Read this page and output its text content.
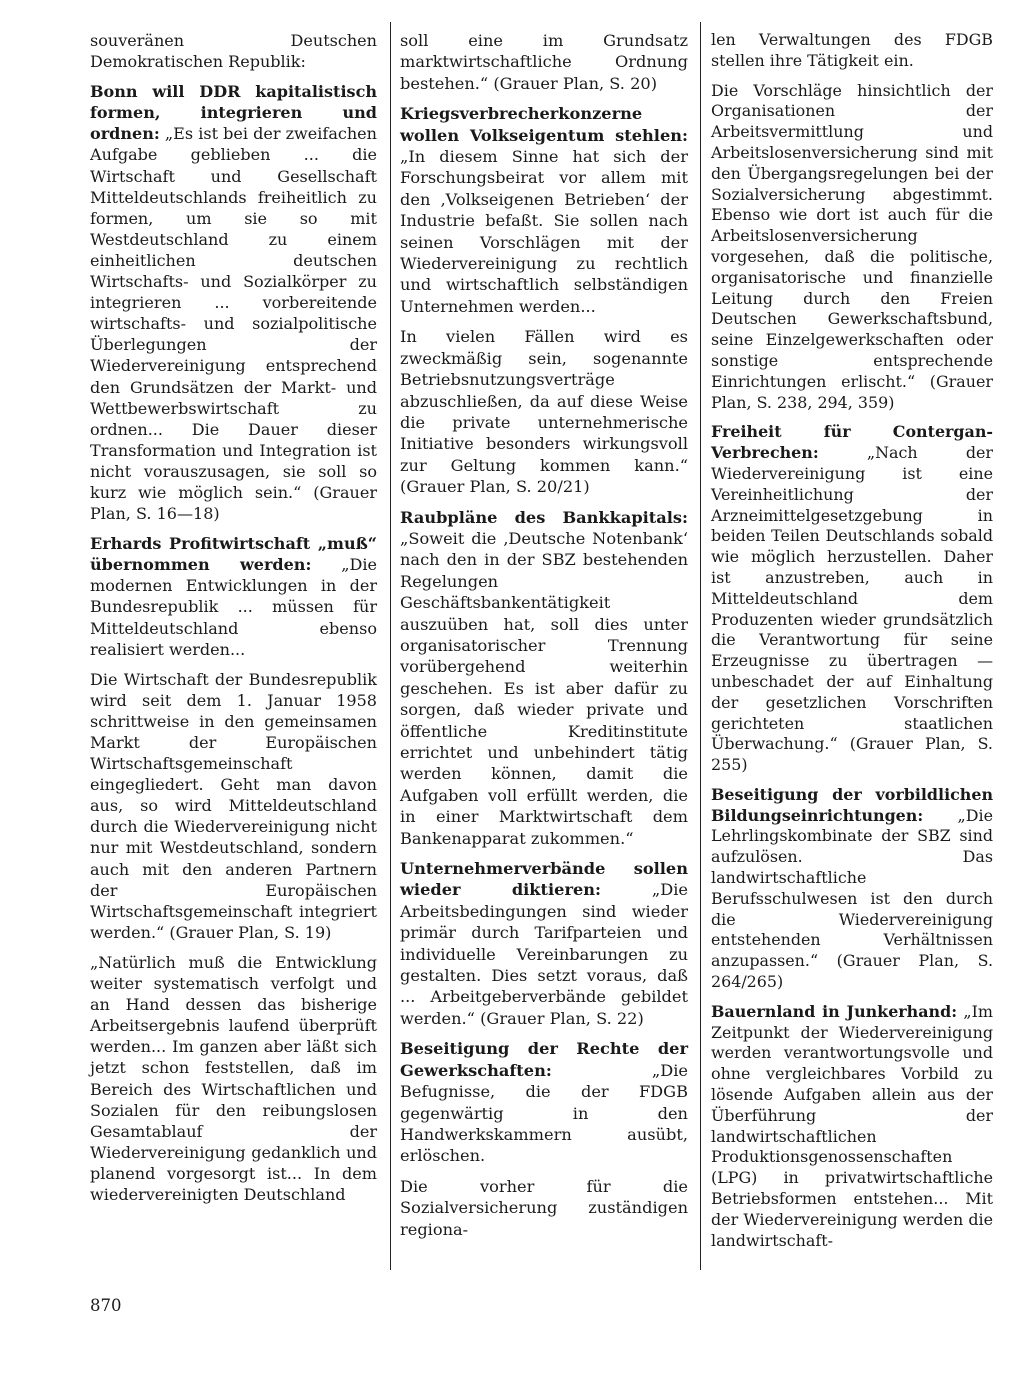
souveränen Deutschen Demokratischen Republik:

Bonn will DDR kapitalistisch formen, integrieren und ordnen: „Es ist bei der zweifachen Aufgabe geblieben ... die Wirtschaft und Gesellschaft Mitteldeutschlands freiheitlich zu formen, um sie so mit Westdeutschland zu einem einheitlichen deutschen Wirtschafts- und Sozialkörper zu integrieren ... vorbereitende wirtschafts- und sozialpolitische Überlegungen der Wiedervereinigung entsprechend den Grundsätzen der Markt- und Wettbewerbswirtschaft zu ordnen... Die Dauer dieser Transformation und Integration ist nicht vorauszusagen, sie soll so kurz wie möglich sein.“ (Grauer Plan, S. 16—18)

Erhards Profitwirtschaft „muß“ übernommen werden: „Die modernen Entwicklungen in der Bundesrepublik ... müssen für Mitteldeutschland ebenso realisiert werden...

Die Wirtschaft der Bundesrepublik wird seit dem 1. Januar 1958 schrittweise in den gemeinsamen Markt der Europäischen Wirtschaftsgemeinschaft eingegliedert. Geht man davon aus, so wird Mitteldeutschland durch die Wiedervereinigung nicht nur mit Westdeutschland, sondern auch mit den anderen Partnern der Europäischen Wirtschaftsgemeinschaft integriert werden.“ (Grauer Plan, S. 19)

„Natürlich muß die Entwicklung weiter systematisch verfolgt und an Hand dessen das bisherige Arbeitsergebnis laufend überprüft werden... Im ganzen aber läßt sich jetzt schon feststellen, daß im Bereich des Wirtschaftlichen und Sozialen für den reibungslosen Gesamtablauf der Wiedervereinigung gedanklich und planend vorgesorgt ist... In dem wiedervereinigten Deutschland

soll eine im Grundsatz marktwirtschaftliche Ordnung bestehen.“ (Grauer Plan, S. 20)

Kriegsverbrecherkonzerne wollen Volkseigentum stehlen: „In diesem Sinne hat sich der Forschungsbeirat vor allem mit den ‚Volkseigenen Betrieben‘ der Industrie befaßt. Sie sollen nach seinen Vorschlägen mit der Wiedervereinigung zu rechtlich und wirtschaftlich selbständigen Unternehmen werden...

In vielen Fällen wird es zweckmäßig sein, sogenannte Betriebsnutzungsverträge abzuschließen, da auf diese Weise die private unternehmerische Initiative besonders wirkungsvoll zur Geltung kommen kann.“ (Grauer Plan, S. 20/21)

Raubpläne des Bankkapitals: „Soweit die ‚Deutsche Notenbank‘ nach den in der SBZ bestehenden Regelungen Geschäftsbankentätigkeit auszuüben hat, soll dies unter organisatorischer Trennung vorübergehend weiterhin geschehen. Es ist aber dafür zu sorgen, daß wieder private und öffentliche Kreditinstitute errichtet und unbehindert tätig werden können, damit die Aufgaben voll erfüllt werden, die in einer Marktwirtschaft dem Bankenapparat zukommen.“

Unternehmerverbände sollen wieder diktieren: „Die Arbeitsbedingungen sind wieder primär durch Tarifparteien und individuelle Vereinbarungen zu gestalten. Dies setzt voraus, daß ... Arbeitgeberverbände gebildet werden.“ (Grauer Plan, S. 22)

Beseitigung der Rechte der Gewerkschaften: „Die Befugnisse, die der FDGB gegenwärtig in den Handwerkskammern ausübt, erlöschen.

Die vorher für die Sozialversicherung zuständigen regiona-

len Verwaltungen des FDGB stellen ihre Tätigkeit ein.

Die Vorschläge hinsichtlich der Organisationen der Arbeitsvermittlung und Arbeitslosenversicherung sind mit den Übergangsregelungen bei der Sozialversicherung abgestimmt. Ebenso wie dort ist auch für die Arbeitslosenversicherung vorgesehen, daß die politische, organisatorische und finanzielle Leitung durch den Freien Deutschen Gewerkschaftsbund, seine Einzelgewerkschaften oder sonstige entsprechende Einrichtungen erlischt.“ (Grauer Plan, S. 238, 294, 359)

Freiheit für Contergan-Verbrechen: „Nach der Wiedervereinigung ist eine Vereinheitlichung der Arzneimittelgesetzgebung in beiden Teilen Deutschlands sobald wie möglich herzustellen. Daher ist anzustreben, auch in Mitteldeutschland dem Produzenten wieder grundsätzlich die Verantwortung für seine Erzeugnisse zu übertragen — unbeschadet der auf Einhaltung der gesetzlichen Vorschriften gerichteten staatlichen Überwachung.“ (Grauer Plan, S. 255)

Beseitigung der vorbildlichen Bildungseinrichtungen: „Die Lehrlingskombinate der SBZ sind aufzulösen. Das landwirtschaftliche Berufsschulwesen ist den durch die Wiedervereinigung entstehenden Verhältnissen anzupassen.“ (Grauer Plan, S. 264/265)

Bauernland in Junkerhand: „Im Zeitpunkt der Wiedervereinigung werden verantwortungsvolle und ohne vergleichbares Vorbild zu lösende Aufgaben allein aus der Überführung der landwirtschaftlichen Produktionsgenossenschaften (LPG) in privatwirtschaftliche Betriebsformen entstehen... Mit der Wiedervereinigung werden die landwirtschaft-

870
